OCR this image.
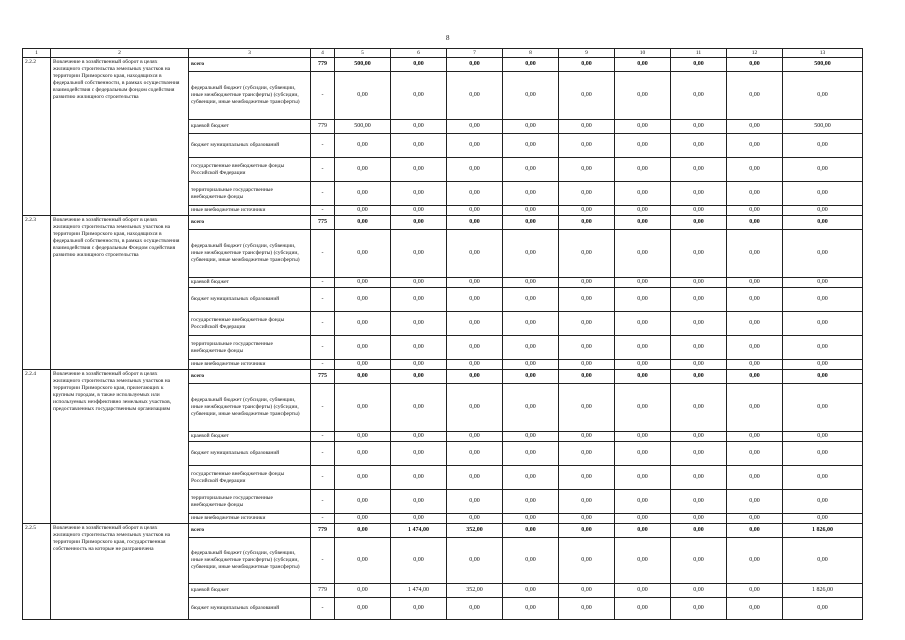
8
1	2	3	4	5	6	7	8	9	10	11	12	13
2.2.2	Вовлечение в хозяйственный оборот в целях жилищного строительства земельных участков на территории Приморского края, находящихся в федеральной собственности, в рамках осуществления взаимодействия с федеральным фондом содействия развитию жилищного строительства	всего	779	500,00	0,00	0,00	0,00	0,00	0,00	0,00	0,00	500,00
		федеральный бюджет (субсидии, субвенции, иные межбюджетные трансферты) (субсидии, субвенции, иные межбюджетные трансферты)	-	0,00	0,00	0,00	0,00	0,00	0,00	0,00	0,00	0,00
		краевой бюджет	779	500,00	0,00	0,00	0,00	0,00	0,00	0,00	0,00	500,00
		бюджет муниципальных образований	-	0,00	0,00	0,00	0,00	0,00	0,00	0,00	0,00	0,00
		государственные внебюджетные фонды Российской Федерации	-	0,00	0,00	0,00	0,00	0,00	0,00	0,00	0,00	0,00
		территориальные государственные внебюджетные фонды	-	0,00	0,00	0,00	0,00	0,00	0,00	0,00	0,00	0,00
		иные внебюджетные источники	-	0,00	0,00	0,00	0,00	0,00	0,00	0,00	0,00	0,00
2.2.3	Вовлечение в хозяйственный оборот в целях жилищного строительства земельных участков на территории Приморского края, находящихся в федеральной собственности, в рамках осуществления взаимодействия с федеральным Фондом содействия развитию жилищного строительства	всего	775	0,00	0,00	0,00	0,00	0,00	0,00	0,00	0,00	0,00
		федеральный бюджет (субсидии, субвенции, иные межбюджетные трансферты) (субсидии, субвенции, иные межбюджетные трансферты)	-	0,00	0,00	0,00	0,00	0,00	0,00	0,00	0,00	0,00
		краевой бюджет	-	0,00	0,00	0,00	0,00	0,00	0,00	0,00	0,00	0,00
		бюджет муниципальных образований	-	0,00	0,00	0,00	0,00	0,00	0,00	0,00	0,00	0,00
		государственные внебюджетные фонды Российской Федерации	-	0,00	0,00	0,00	0,00	0,00	0,00	0,00	0,00	0,00
		территориальные государственные внебюджетные фонды	-	0,00	0,00	0,00	0,00	0,00	0,00	0,00	0,00	0,00
		иные внебюджетные источники	-	0,00	0,00	0,00	0,00	0,00	0,00	0,00	0,00	0,00
2.2.4	Вовлечение в хозяйственный оборот в целях жилищного строительства земельных участков на территории Приморского края, прилегающих к крупным городам, в также используемых или используемых неэффективно земельных участков, предоставленных государственным организациям	всего	775	0,00	0,00	0,00	0,00	0,00	0,00	0,00	0,00	0,00
		федеральный бюджет (субсидии, субвенции, иные межбюджетные трансферты) (субсидии, субвенции, иные межбюджетные трансферты)	-	0,00	0,00	0,00	0,00	0,00	0,00	0,00	0,00	0,00
		краевой бюджет	-	0,00	0,00	0,00	0,00	0,00	0,00	0,00	0,00	0,00
		бюджет муниципальных образований	-	0,00	0,00	0,00	0,00	0,00	0,00	0,00	0,00	0,00
		государственные внебюджетные фонды Российской Федерации	-	0,00	0,00	0,00	0,00	0,00	0,00	0,00	0,00	0,00
		территориальные государственные внебюджетные фонды	-	0,00	0,00	0,00	0,00	0,00	0,00	0,00	0,00	0,00
		иные внебюджетные источники	-	0,00	0,00	0,00	0,00	0,00	0,00	0,00	0,00	0,00
2.2.5	Вовлечение в хозяйственный оборот в целях жилищного строительства земельных участков на территории Приморского края, государственная собственность на которые не разграничена	всего	779	0,00	1 474,00	352,00	0,00	0,00	0,00	0,00	0,00	1 826,00
		федеральный бюджет (субсидии, субвенции, иные межбюджетные трансферты) (субсидии, субвенции, иные межбюджетные трансферты)	-	0,00	0,00	0,00	0,00	0,00	0,00	0,00	0,00	0,00
		краевой бюджет	779	0,00	1 474,00	352,00	0,00	0,00	0,00	0,00	0,00	1 826,00
		бюджет муниципальных образований	-	0,00	0,00	0,00	0,00	0,00	0,00	0,00	0,00	0,00
